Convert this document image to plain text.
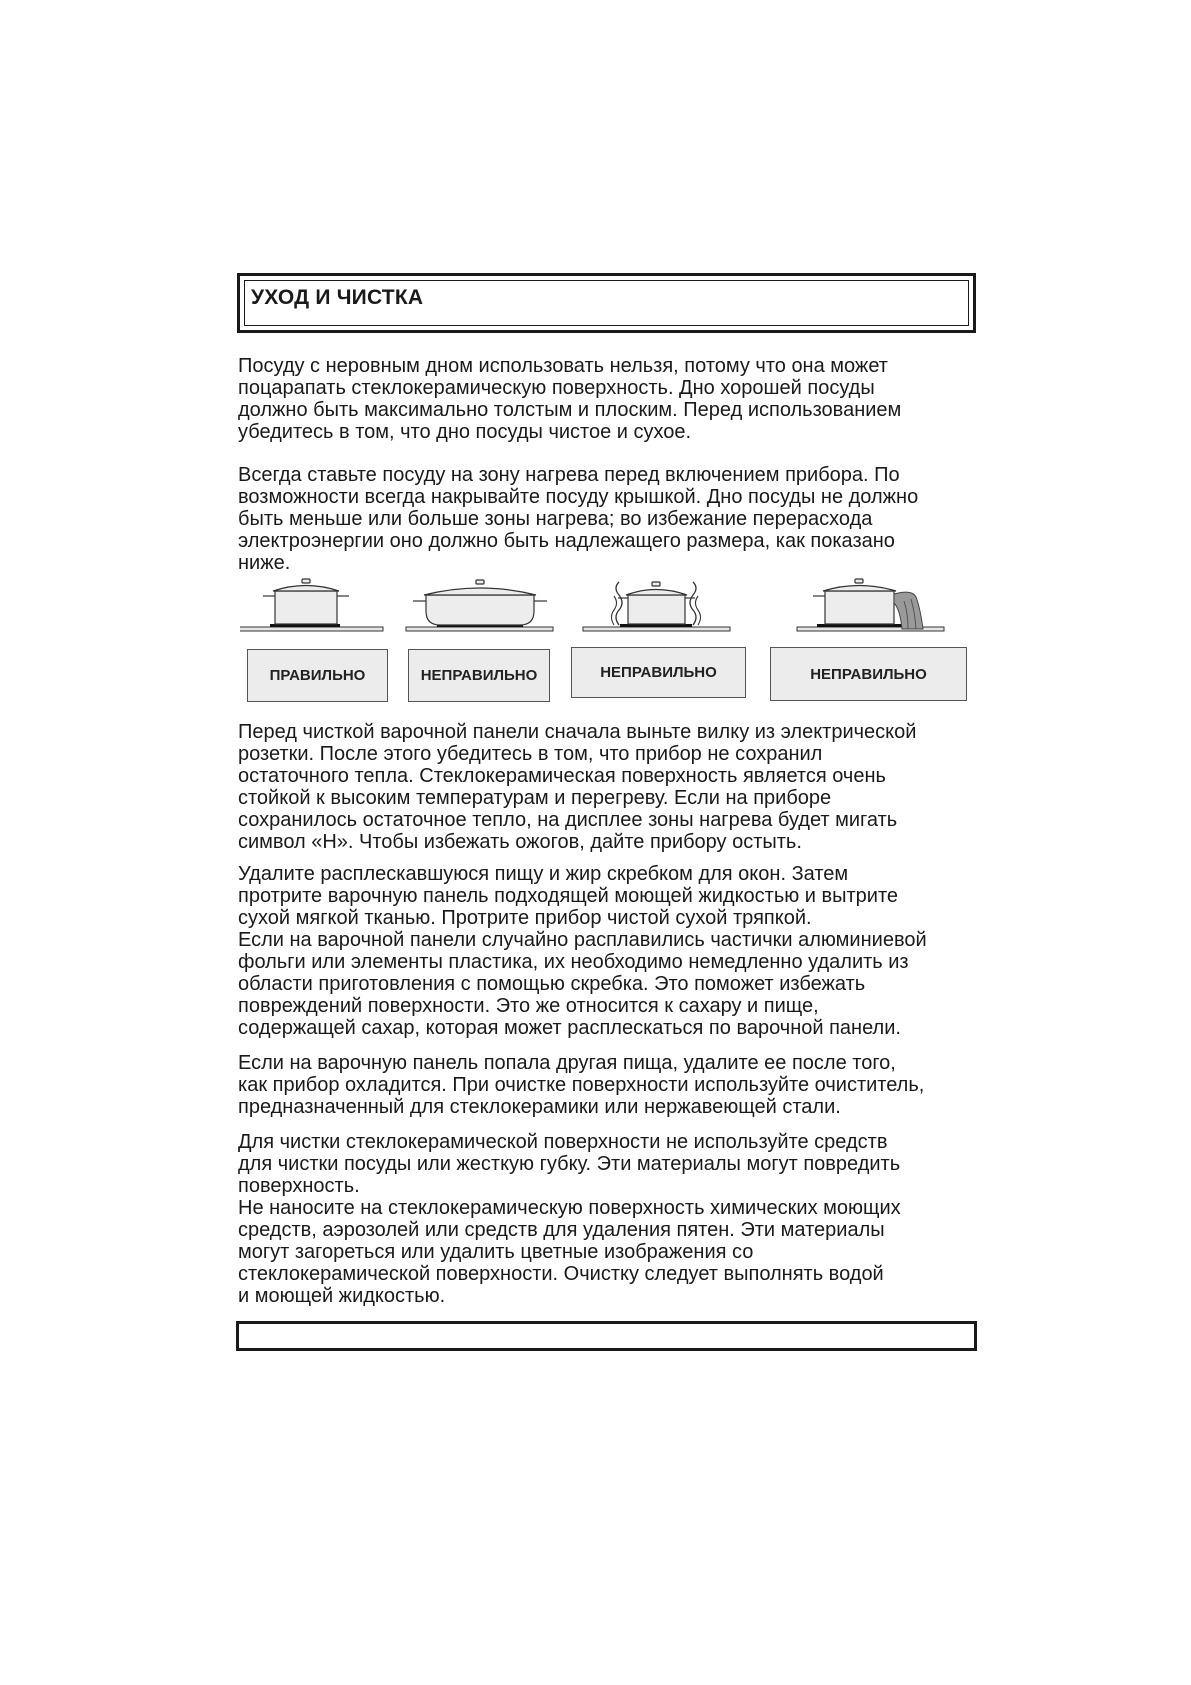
УХОД И ЧИСТКА

Посуду с неровным дном использовать нельзя, потому что она может

поцарапать стеклокерамическую поверхность. Дно хорошей посуды

должно быть максимально толстым и плоским. Перед использованием

убедитесь в том, что дно посуды чистое и сухое.

Всегда ставьте посуду на зону нагрева перед включением прибора. По

возможности всегда накрывайте посуду крышкой. Дно посуды не должно

быть меньше или больше зоны нагрева; во избежание перерасхода

электроэнергии оно должно быть надлежащего размера, как показано

ниже.

ПРАВИЛЬНО	НЕПРАВИЛЬНО	НЕПРАВИЛЬНО	НЕПРАВИЛЬНО

Перед чисткой варочной панели сначала выньте вилку из электрической

розетки. После этого убедитесь в том, что прибор не сохранил

остаточного тепла. Стеклокерамическая поверхность является очень

стойкой к высоким температурам и перегреву. Если на приборе

сохранилось остаточное тепло, на дисплее зоны нагрева будет мигать

символ «H». Чтобы избежать ожогов, дайте прибору остыть.

Удалите расплескавшуюся пищу и жир скребком для окон. Затем

протрите варочную панель подходящей моющей жидкостью и вытрите

сухой мягкой тканью. Протрите прибор чистой сухой тряпкой.

Если на варочной панели случайно расплавились частички алюминиевой

фольги или элементы пластика, их необходимо немедленно удалить из

области приготовления с помощью скребка. Это поможет избежать

повреждений поверхности. Это же относится к сахару и пище,

содержащей сахар, которая может расплескаться по варочной панели.

Если на варочную панель попала другая пища, удалите ее после того,

как прибор охладится. При очистке поверхности используйте очиститель,

предназначенный для стеклокерамики или нержавеющей стали.

Для чистки стеклокерамической поверхности не используйте средств

для чистки посуды или жесткую губку. Эти материалы могут повредить

поверхность.

Не наносите на стеклокерамическую поверхность химических моющих

средств, аэрозолей или средств для удаления пятен. Эти материалы

могут загореться или удалить цветные изображения со

стеклокерамической поверхности. Очистку следует выполнять водой

и моющей жидкостью.
